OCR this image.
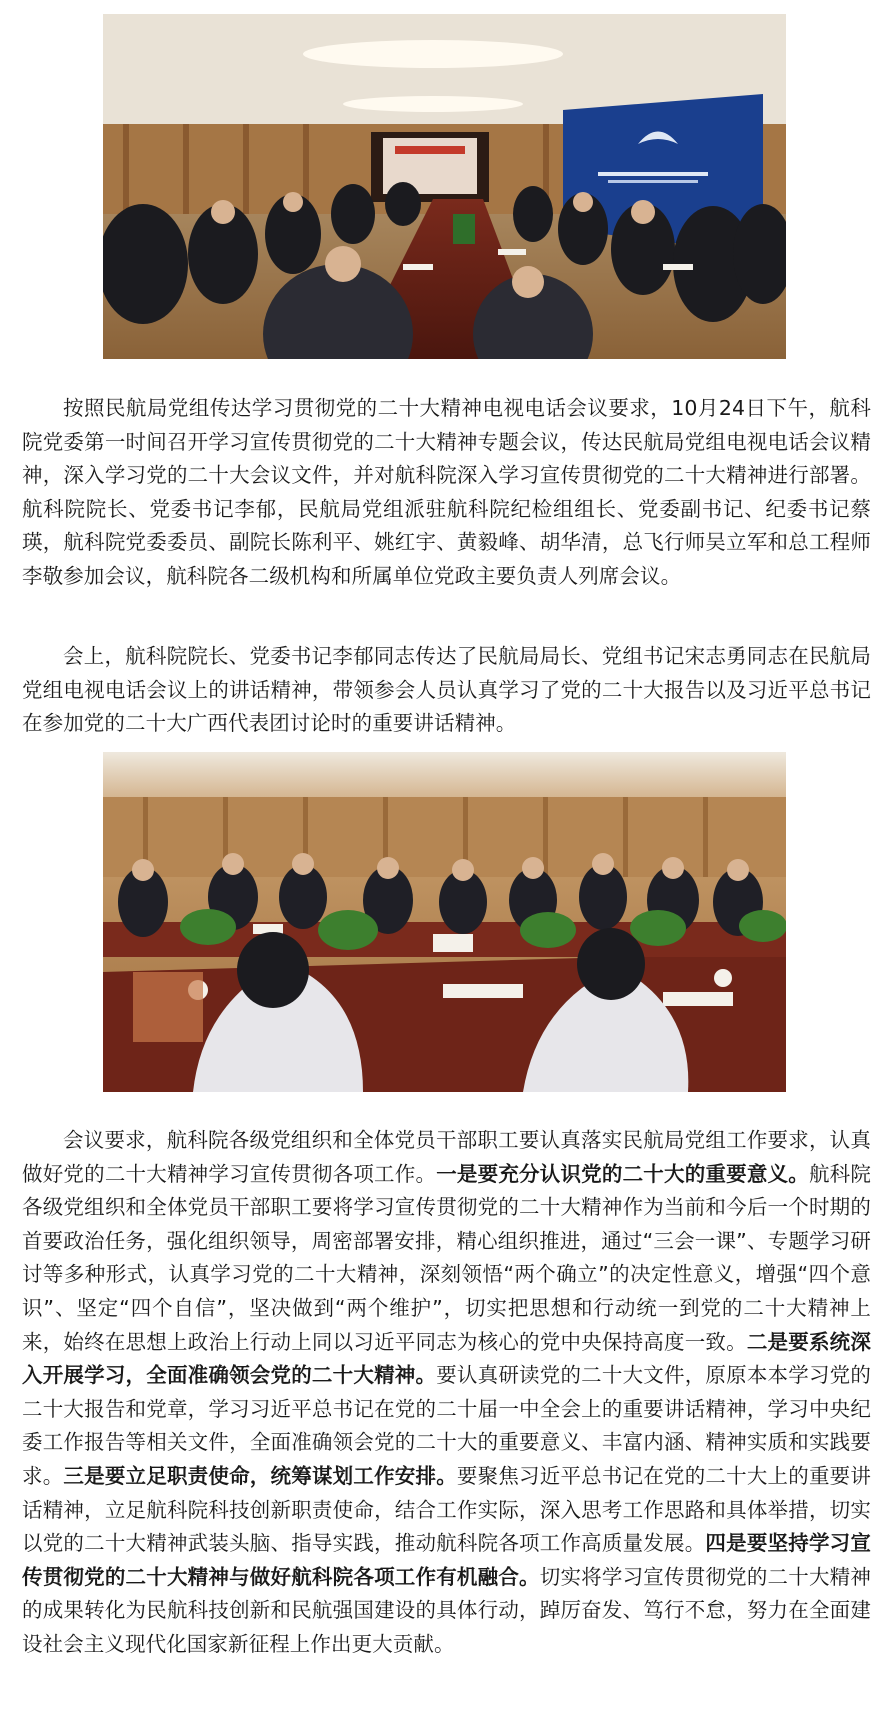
按照民航局党组传达学习贯彻党的二十大精神电视电话会议要求，10月24日下午，航科院党委第一时间召开学习宣传贯彻党的二十大精神专题会议，传达民航局党组电视电话会议精神，深入学习党的二十大会议文件，并对航科院深入学习宣传贯彻党的二十大精神进行部署。航科院院长、党委书记李郁，民航局党组派驻航科院纪检组组长、党委副书记、纪委书记蔡瑛，航科院党委委员、副院长陈利平、姚红宇、黄毅峰、胡华清，总飞行师吴立军和总工程师李敬参加会议，航科院各二级机构和所属单位党政主要负责人列席会议。

会上，航科院院长、党委书记李郁同志传达了民航局局长、党组书记宋志勇同志在民航局党组电视电话会议上的讲话精神，带领参会人员认真学习了党的二十大报告以及习近平总书记在参加党的二十大广西代表团讨论时的重要讲话精神。

会议要求，航科院各级党组织和全体党员干部职工要认真落实民航局党组工作要求，认真做好党的二十大精神学习宣传贯彻各项工作。一是要充分认识党的二十大的重要意义。航科院各级党组织和全体党员干部职工要将学习宣传贯彻党的二十大精神作为当前和今后一个时期的首要政治任务，强化组织领导，周密部署安排，精心组织推进，通过“三会一课”、专题学习研讨等多种形式，认真学习党的二十大精神，深刻领悟“两个确立”的决定性意义，增强“四个意识”、坚定“四个自信”，坚决做到“两个维护”，切实把思想和行动统一到党的二十大精神上来，始终在思想上政治上行动上同以习近平同志为核心的党中央保持高度一致。二是要系统深入开展学习，全面准确领会党的二十大精神。要认真研读党的二十大文件，原原本本学习党的二十大报告和党章，学习习近平总书记在党的二十届一中全会上的重要讲话精神，学习中央纪委工作报告等相关文件，全面准确领会党的二十大的重要意义、丰富内涵、精神实质和实践要求。三是要立足职责使命，统筹谋划工作安排。要聚焦习近平总书记在党的二十大上的重要讲话精神，立足航科院科技创新职责使命，结合工作实际，深入思考工作思路和具体举措，切实以党的二十大精神武装头脑、指导实践，推动航科院各项工作高质量发展。四是要坚持学习宣传贯彻党的二十大精神与做好航科院各项工作有机融合。切实将学习宣传贯彻党的二十大精神的成果转化为民航科技创新和民航强国建设的具体行动，踔厉奋发、笃行不怠，努力在全面建设社会主义现代化国家新征程上作出更大贡献。
